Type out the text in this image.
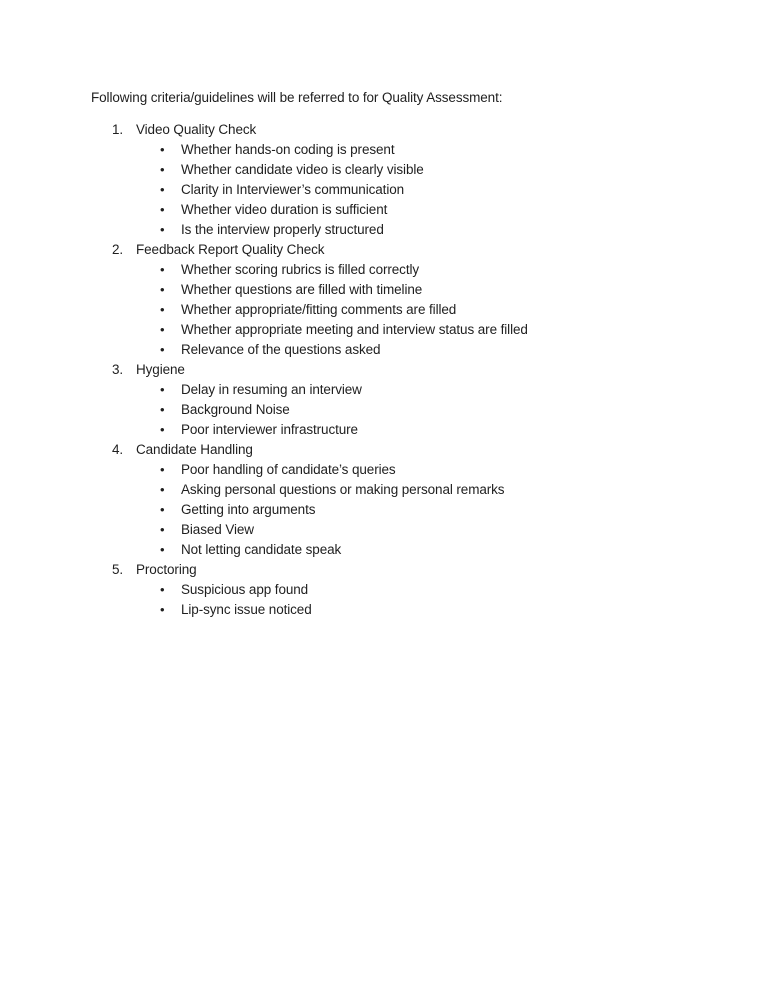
Following criteria/guidelines will be referred to for Quality Assessment:

1. Video Quality Check
•	Whether hands-on coding is present
•	Whether candidate video is clearly visible
•	Clarity in Interviewer’s communication
•	Whether video duration is sufficient
•	Is the interview properly structured
2. Feedback Report Quality Check
•	Whether scoring rubrics is filled correctly
•	Whether questions are filled with timeline
•	Whether appropriate/fitting comments are filled
•	Whether appropriate meeting and interview status are filled
•	Relevance of the questions asked
3. Hygiene
•	Delay in resuming an interview
•	Background Noise
•	Poor interviewer infrastructure
4. Candidate Handling
•	Poor handling of candidate’s queries
•	Asking personal questions or making personal remarks
•	Getting into arguments
•	Biased View
•	Not letting candidate speak
5. Proctoring
•	Suspicious app found
•	Lip-sync issue noticed
